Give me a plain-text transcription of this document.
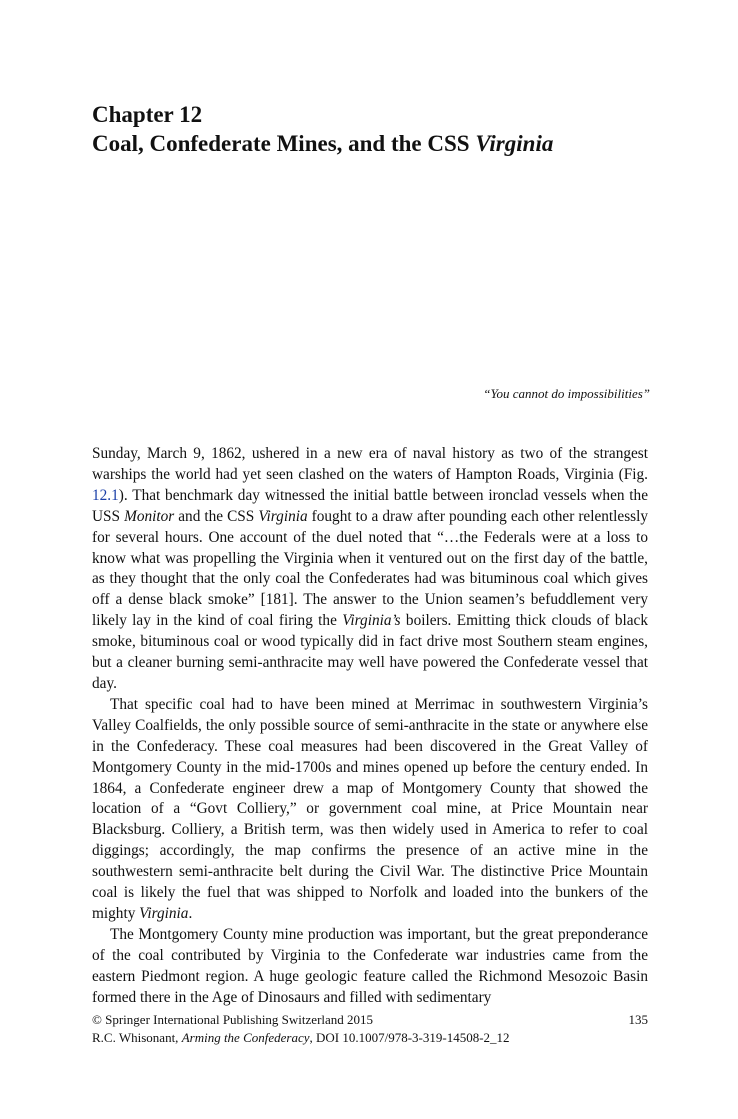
Chapter 12
Coal, Confederate Mines, and the CSS Virginia
“You cannot do impossibilities”

Sunday, March 9, 1862, ushered in a new era of naval history as two of the strangest warships the world had yet seen clashed on the waters of Hampton Roads, Virginia (Fig. 12.1). That benchmark day witnessed the initial battle between ironclad vessels when the USS Monitor and the CSS Virginia fought to a draw after pounding each other relentlessly for several hours. One account of the duel noted that “…the Federals were at a loss to know what was propelling the Virginia when it ventured out on the first day of the battle, as they thought that the only coal the Confederates had was bituminous coal which gives off a dense black smoke” [181]. The answer to the Union seamen’s befuddlement very likely lay in the kind of coal firing the Virginia’s boilers. Emitting thick clouds of black smoke, bituminous coal or wood typically did in fact drive most Southern steam engines, but a cleaner burning semi-anthracite may well have powered the Confederate vessel that day.

That specific coal had to have been mined at Merrimac in southwestern Virginia’s Valley Coalfields, the only possible source of semi-anthracite in the state or anywhere else in the Confederacy. These coal measures had been discovered in the Great Valley of Montgomery County in the mid-1700s and mines opened up before the century ended. In 1864, a Confederate engineer drew a map of Montgomery County that showed the location of a “Govt Colliery,” or government coal mine, at Price Mountain near Blacksburg. Colliery, a British term, was then widely used in America to refer to coal diggings; accordingly, the map confirms the presence of an active mine in the southwestern semi-anthracite belt during the Civil War. The distinctive Price Mountain coal is likely the fuel that was shipped to Norfolk and loaded into the bunkers of the mighty Virginia.

The Montgomery County mine production was important, but the great preponderance of the coal contributed by Virginia to the Confederate war industries came from the eastern Piedmont region. A huge geologic feature called the Richmond Mesozoic Basin formed there in the Age of Dinosaurs and filled with sedimentary

© Springer International Publishing Switzerland 2015	135
R.C. Whisonant, Arming the Confederacy, DOI 10.1007/978-3-319-14508-2_12
